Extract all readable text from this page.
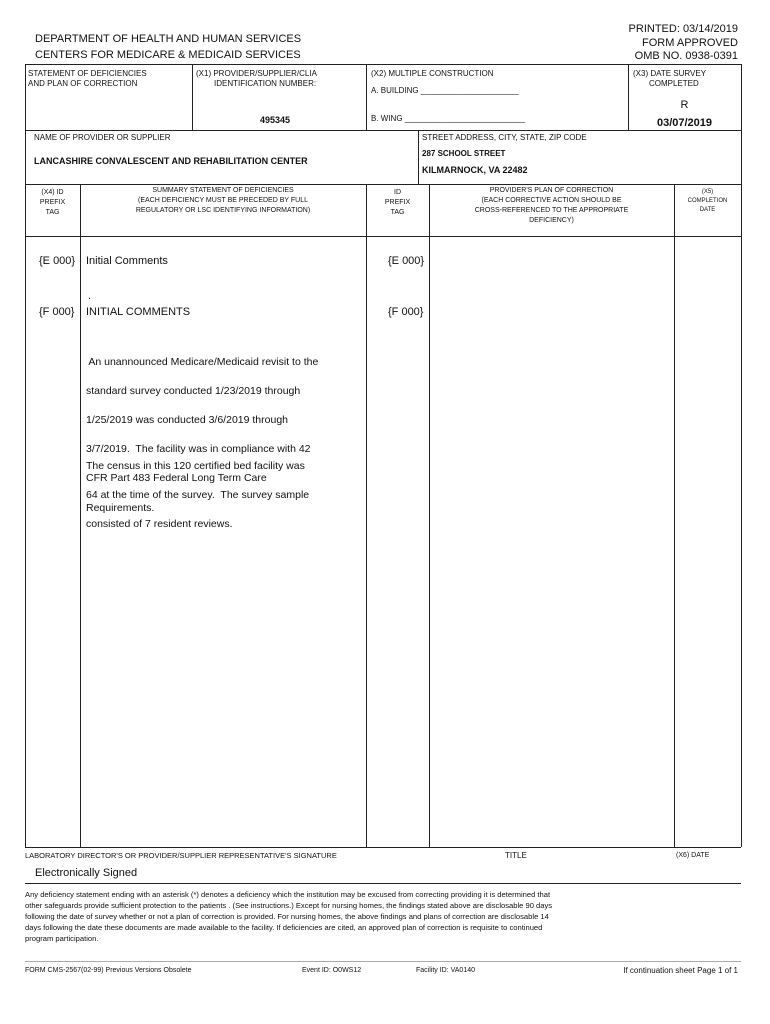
DEPARTMENT OF HEALTH AND HUMAN SERVICES
CENTERS FOR MEDICARE & MEDICAID SERVICES
PRINTED: 03/14/2019
FORM APPROVED
OMB NO. 0938-0391
STATEMENT OF DEFICIENCIES
AND PLAN OF CORRECTION
(X1) PROVIDER/SUPPLIER/CLIA
IDENTIFICATION NUMBER:
495345
(X2) MULTIPLE CONSTRUCTION
A. BUILDING ______________________
B. WING ___________________________
(X3) DATE SURVEY
COMPLETED
R
03/07/2019
NAME OF PROVIDER OR SUPPLIER
LANCASHIRE CONVALESCENT AND REHABILITATION CENTER
STREET ADDRESS, CITY, STATE, ZIP CODE
287 SCHOOL STREET
KILMARNOCK, VA 22482
(X4) ID
PREFIX
TAG
SUMMARY STATEMENT OF DEFICIENCIES
(EACH DEFICIENCY MUST BE PRECEDED BY FULL
REGULATORY OR LSC IDENTIFYING INFORMATION)
ID
PREFIX
TAG
PROVIDER'S PLAN OF CORRECTION
(EACH CORRECTIVE ACTION SHOULD BE
CROSS-REFERENCED TO THE APPROPRIATE
DEFICIENCY)
(X5)
COMPLETION
DATE
{E 000} Initial Comments	{E 000}
.
{F 000} INITIAL COMMENTS	{F 000}

An unannounced Medicare/Medicaid revisit to the

standard survey conducted 1/23/2019 through

1/25/2019 was conducted 3/6/2019 through

3/7/2019.  The facility was in compliance with 42

CFR Part 483 Federal Long Term Care

Requirements.

The census in this 120 certified bed facility was

64 at the time of the survey.  The survey sample

consisted of 7 resident reviews.

LABORATORY DIRECTOR'S OR PROVIDER/SUPPLIER REPRESENTATIVE'S SIGNATURE	TITLE	(X6) DATE
Electronically Signed
Any deficiency statement ending with an asterisk (*) denotes a deficiency which the institution may be excused from correcting providing it is determined that
other safeguards provide sufficient protection to the patients . (See instructions.) Except for nursing homes, the findings stated above are disclosable 90 days
following the date of survey whether or not a plan of correction is provided. For nursing homes, the above findings and plans of correction are disclosable 14
days following the date these documents are made available to the facility. If deficiencies are cited, an approved plan of correction is requisite to continued
program participation.
FORM CMS-2567(02-99) Previous Versions Obsolete	Event ID: O0WS12	Facility ID: VA0140	If continuation sheet Page 1 of 1
